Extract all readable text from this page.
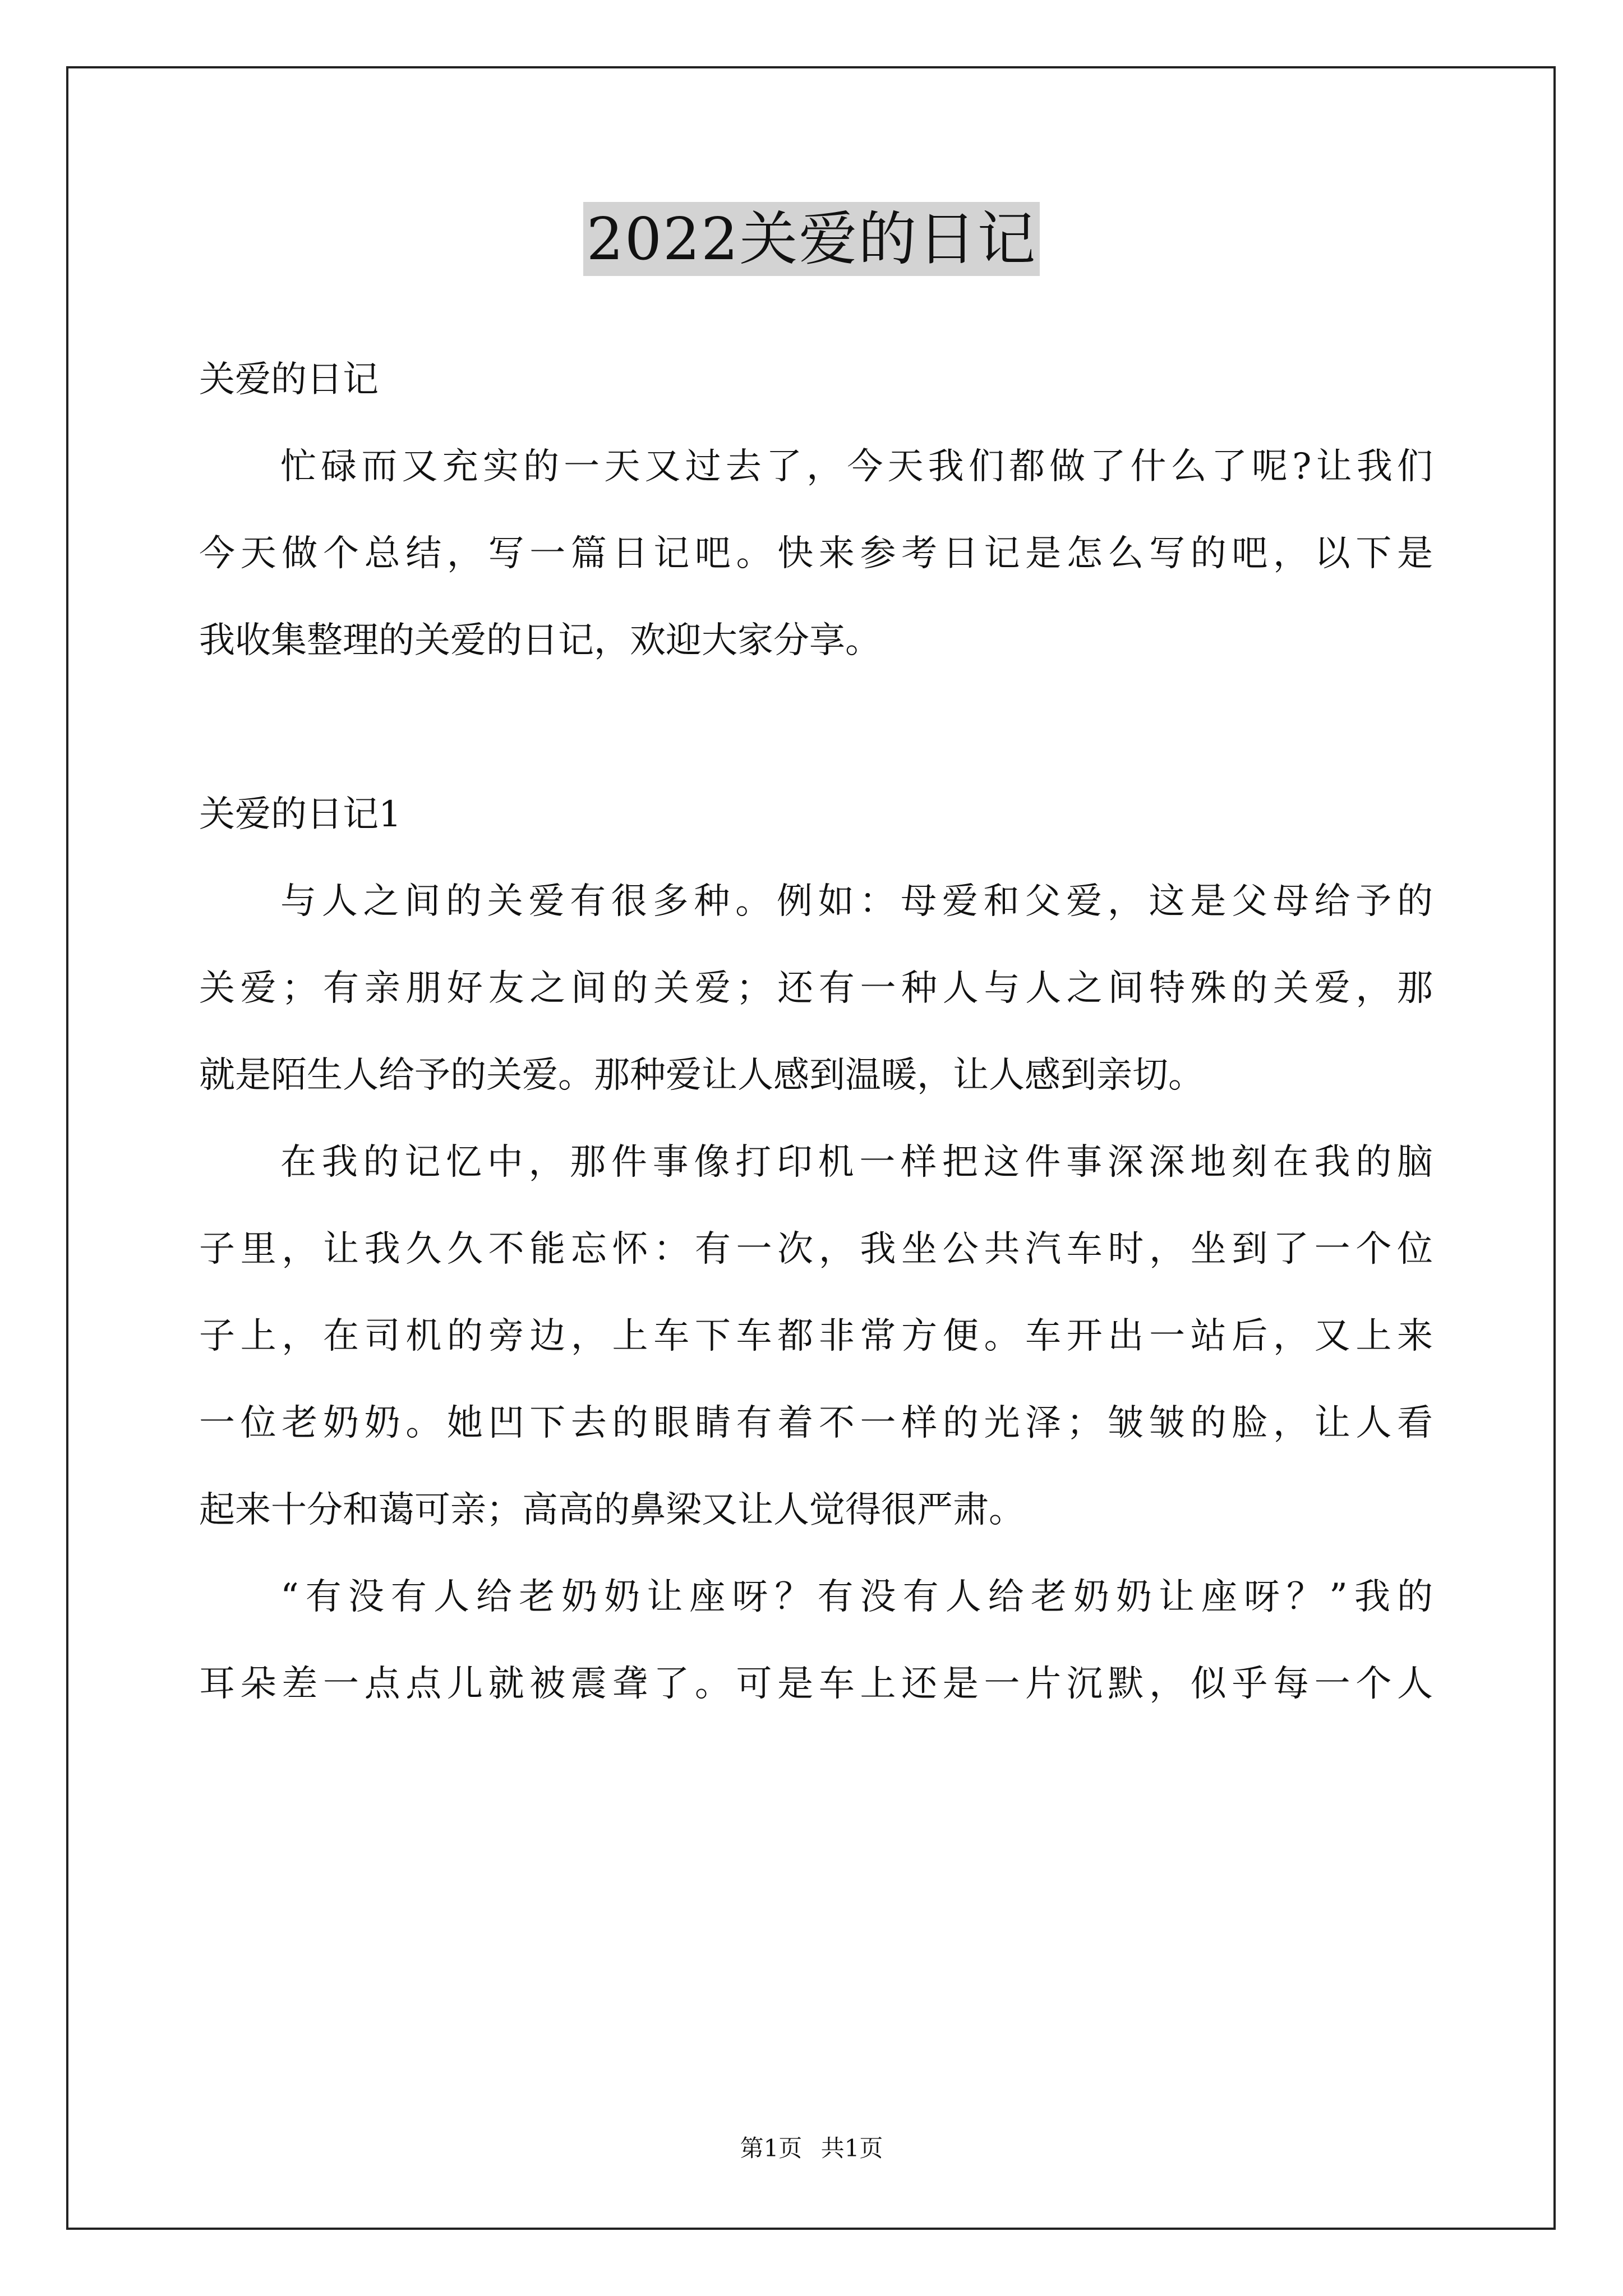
2022关爱的日记
关爱的日记
忙碌而又充实的一天又过去了，今天我们都做了什么了呢?让我们
今天做个总结，写一篇日记吧。快来参考日记是怎么写的吧，以下是
我收集整理的关爱的日记，欢迎大家分享。
关爱的日记1
与人之间的关爱有很多种。例如：母爱和父爱，这是父母给予的
关爱；有亲朋好友之间的关爱；还有一种人与人之间特殊的关爱，那
就是陌生人给予的关爱。那种爱让人感到温暖，让人感到亲切。
在我的记忆中，那件事像打印机一样把这件事深深地刻在我的脑
子里，让我久久不能忘怀：有一次，我坐公共汽车时，坐到了一个位
子上，在司机的旁边，上车下车都非常方便。车开出一站后，又上来
一位老奶奶。她凹下去的眼睛有着不一样的光泽；皱皱的脸，让人看
起来十分和蔼可亲；高高的鼻梁又让人觉得很严肃。
“有没有人给老奶奶让座呀？有没有人给老奶奶让座呀？”我的
耳朵差一点点儿就被震聋了。可是车上还是一片沉默，似乎每一个人
第1页 共1页
